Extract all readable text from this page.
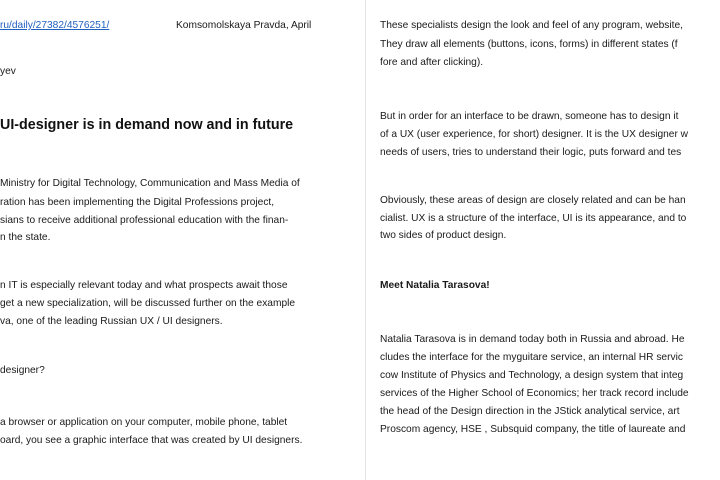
ru/daily/27382/4576251/	Komsomolskaya Pravda, April
yev
UI-designer is in demand now and in future
Ministry for Digital Technology, Communication and Mass Media of
ration has been implementing the Digital Professions project,
sians to receive additional professional education with the finan-
n the state.
n IT is especially relevant today and what prospects await those
get a new specialization, will be discussed further on the example
va, one of the leading Russian UX / UI designers.
designer?
a browser or application on your computer, mobile phone, tablet
oard, you see a graphic interface that was created by UI designers.
These specialists design the look and feel of any program, website,
They draw all elements (buttons, icons, forms) in different states (f
fore and after clicking).
But in order for an interface to be drawn, someone has to design it
of a UX (user experience, for short) designer. It is the UX designer w
needs of users, tries to understand their logic, puts forward and tes
Obviously, these areas of design are closely related and can be han
cialist. UX is a structure of the interface, UI is its appearance, and to
two sides of product design.
Meet Natalia Tarasova!
Natalia Tarasova is in demand today both in Russia and abroad. He
cludes the interface for the myguitare service, an internal HR servic
cow Institute of Physics and Technology, a design system that integ
services of the Higher School of Economics; her track record include
the head of the Design direction in the JStick analytical service, art
Proscom agency, HSE , Subsquid company, the title of laureate and
